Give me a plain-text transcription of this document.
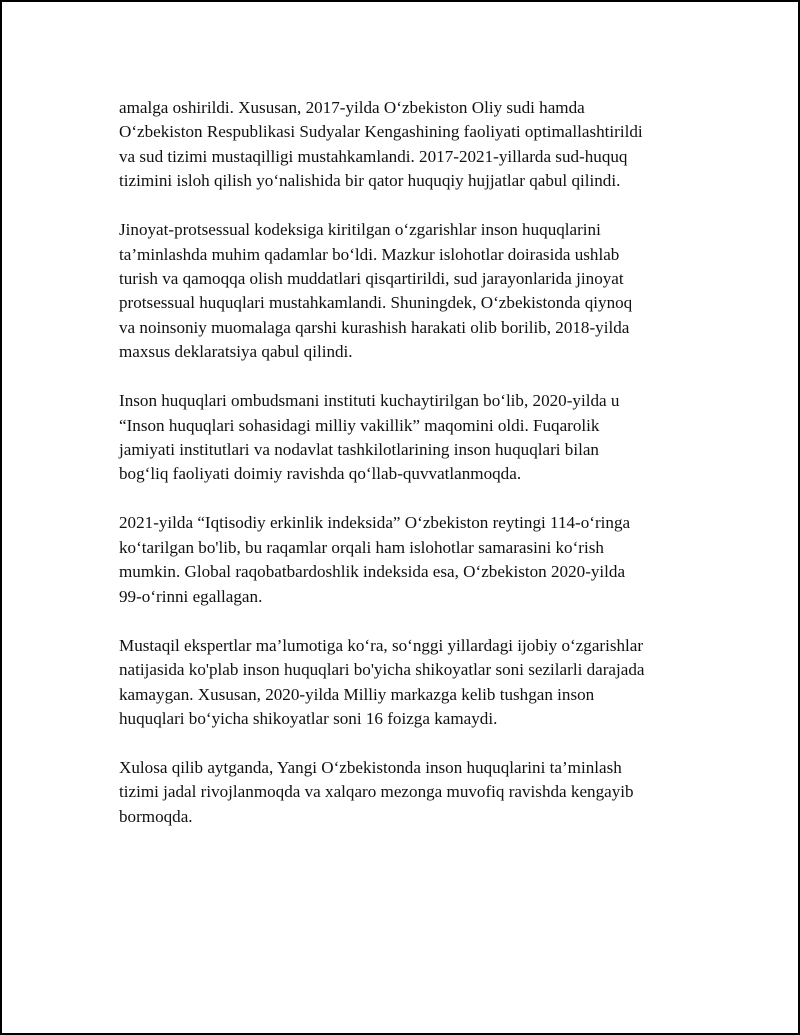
amalga oshirildi. Xususan, 2017-yilda O‘zbekiston Oliy sudi hamda
O‘zbekiston Respublikasi Sudyalar Kengashining faoliyati optimallashtirildi
va sud tizimi mustaqilligi mustahkamlandi. 2017-2021-yillarda sud-huquq
tizimini isloh qilish yo‘nalishida bir qator huquqiy hujjatlar qabul qilindi.

Jinoyat-protsessual kodeksiga kiritilgan o‘zgarishlar inson huquqlarini
ta’minlashda muhim qadamlar bo‘ldi. Mazkur islohotlar doirasida ushlab
turish va qamoqqa olish muddatlari qisqartirildi, sud jarayonlarida jinoyat
protsessual huquqlari mustahkamlandi. Shuningdek, O‘zbekistonda qiynoq
va noinsoniy muomalaga qarshi kurashish harakati olib borilib, 2018-yilda
maxsus deklaratsiya qabul qilindi.

Inson huquqlari ombudsmani instituti kuchaytirilgan bo‘lib, 2020-yilda u
“Inson huquqlari sohasidagi milliy vakillik” maqomini oldi. Fuqarolik
jamiyati institutlari va nodavlat tashkilotlarining inson huquqlari bilan
bog‘liq faoliyati doimiy ravishda qo‘llab-quvvatlanmoqda.

2021-yilda “Iqtisodiy erkinlik indeksida” O‘zbekiston reytingi 114-o‘ringa
ko‘tarilgan bo'lib, bu raqamlar orqali ham islohotlar samarasini ko‘rish
mumkin. Global raqobatbardoshlik indeksida esa, O‘zbekiston 2020-yilda
99-o‘rinni egallagan.

Mustaqil ekspertlar ma’lumotiga ko‘ra, so‘nggi yillardagi ijobiy o‘zgarishlar
natijasida ko'plab inson huquqlari bo'yicha shikoyatlar soni sezilarli darajada
kamaygan. Xususan, 2020-yilda Milliy markazga kelib tushgan inson
huquqlari bo‘yicha shikoyatlar soni 16 foizga kamaydi.

Xulosa qilib aytganda, Yangi O‘zbekistonda inson huquqlarini ta’minlash
tizimi jadal rivojlanmoqda va xalqaro mezonga muvofiq ravishda kengayib
bormoqda.
